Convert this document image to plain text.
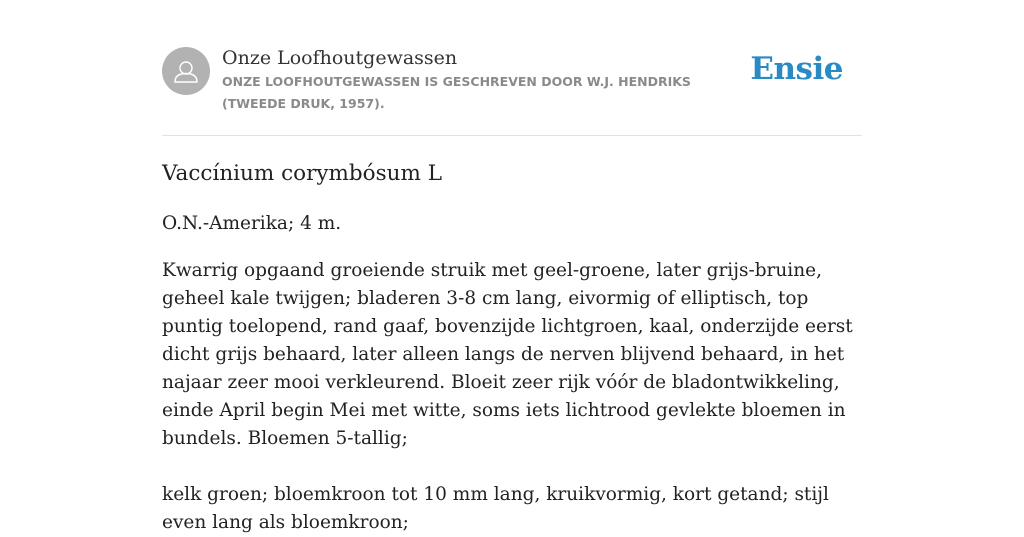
Onze Loofhoutgewassen
ONZE LOOFHOUTGEWASSEN IS GESCHREVEN DOOR W.J. HENDRIKS (TWEEDE DRUK, 1957).
Ensie
Vaccínium corymbósum L

O.N.-Amerika; 4 m.

Kwarrig opgaand groeiende struik met geel-groene, later grijs-bruine, geheel kale twijgen; bladeren 3-8 cm lang, eivormig of elliptisch, top puntig toelopend, rand gaaf, bovenzijde lichtgroen, kaal, onderzijde eerst dicht grijs behaard, later alleen langs de nerven blijvend behaard, in het najaar zeer mooi verkleurend. Bloeit zeer rijk vóór de bladontwikkeling, einde April begin Mei met witte, soms iets lichtrood gevlekte bloemen in bundels. Bloemen 5-tallig;

kelk groen; bloemkroon tot 10 mm lang, kruikvormig, kort getand; stijl even lang als bloemkroon;
